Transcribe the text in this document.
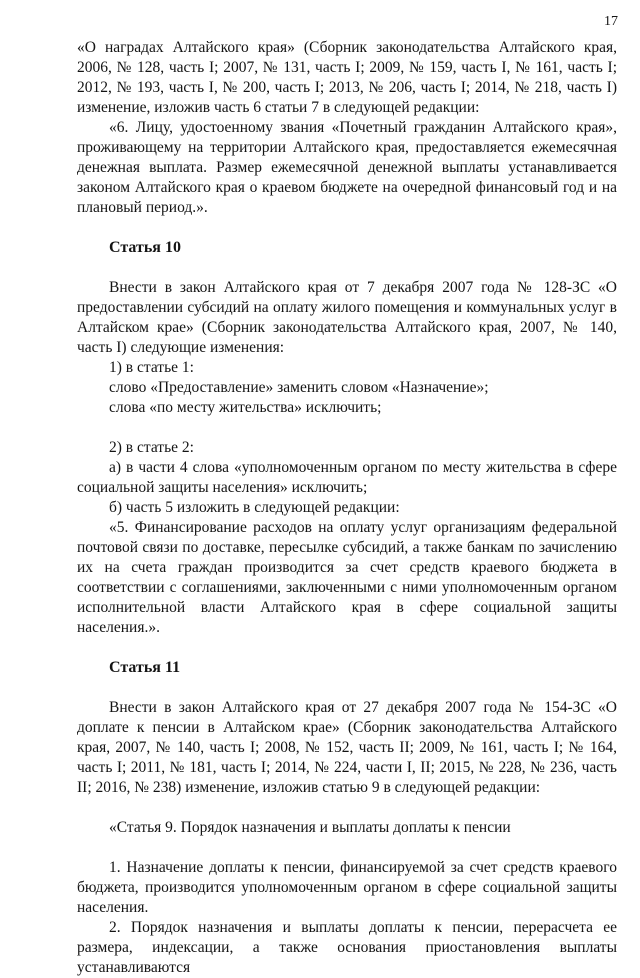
17

«О наградах Алтайского края» (Сборник законодательства Алтайского края, 2006, № 128, часть I; 2007, № 131, часть I; 2009, № 159, часть I, № 161, часть I; 2012, № 193, часть I, № 200, часть I; 2013, № 206, часть I; 2014, № 218, часть I) изменение, изложив часть 6 статьи 7 в следующей редакции:

«6. Лицу, удостоенному звания «Почетный гражданин Алтайского края», проживающему на территории Алтайского края, предоставляется ежемесячная денежная выплата. Размер ежемесячной денежной выплаты устанавливается законом Алтайского края о краевом бюджете на очередной финансовый год и на плановый период.».

Статья 10

Внести в закон Алтайского края от 7 декабря 2007 года № 128-ЗС «О предоставлении субсидий на оплату жилого помещения и коммунальных услуг в Алтайском крае» (Сборник законодательства Алтайского края, 2007, № 140, часть I) следующие изменения:

1) в статье 1:

слово «Предоставление» заменить словом «Назначение»;

слова «по месту жительства» исключить;

2) в статье 2:

а) в части 4 слова «уполномоченным органом по месту жительства в сфере социальной защиты населения» исключить;

б) часть 5 изложить в следующей редакции:

«5. Финансирование расходов на оплату услуг организациям федеральной почтовой связи по доставке, пересылке субсидий, а также банкам по зачислению их на счета граждан производится за счет средств краевого бюджета в соответствии с соглашениями, заключенными с ними уполномоченным органом исполнительной власти Алтайского края в сфере социальной защиты населения.».

Статья 11

Внести в закон Алтайского края от 27 декабря 2007 года № 154-ЗС «О доплате к пенсии в Алтайском крае» (Сборник законодательства Алтайского края, 2007, № 140, часть I; 2008, № 152, часть II; 2009, № 161, часть I; № 164, часть I; 2011, № 181, часть I; 2014, № 224, части I, II; 2015, № 228, № 236, часть II; 2016, № 238) изменение, изложив статью 9 в следующей редакции:

«Статья 9. Порядок назначения и выплаты доплаты к пенсии

1. Назначение доплаты к пенсии, финансируемой за счет средств краевого бюджета, производится уполномоченным органом в сфере социальной защиты населения.

2. Порядок назначения и выплаты доплаты к пенсии, перерасчета ее размера, индексации, а также основания приостановления выплаты устанавливаются
